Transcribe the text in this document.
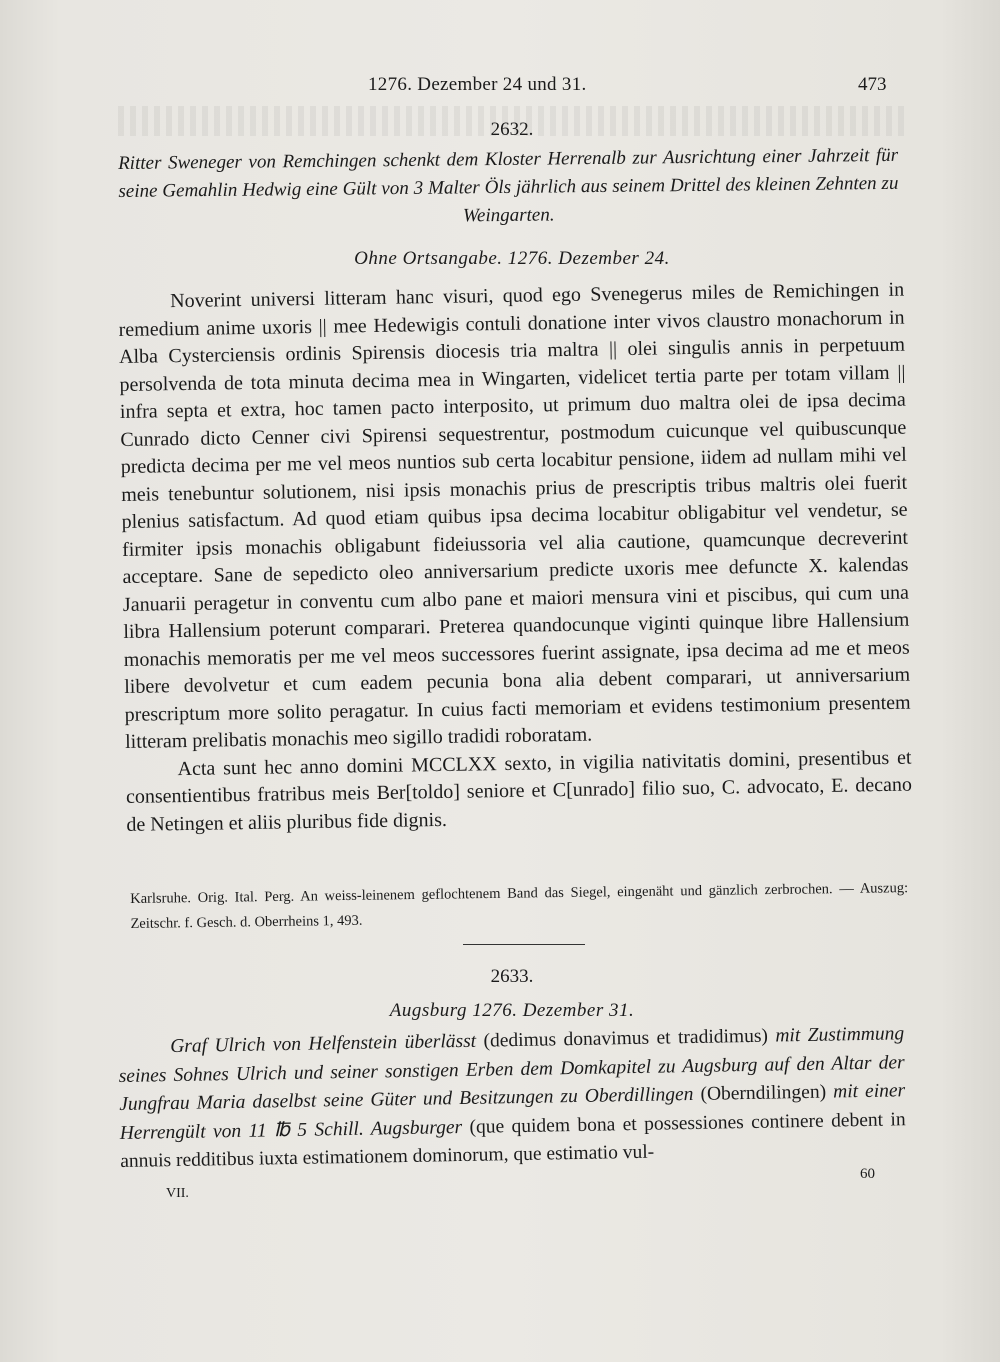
1276. Dezember 24 und 31.	473
2632.
Ritter Sweneger von Remchingen schenkt dem Kloster Herrenalb zur Ausrichtung einer Jahrzeit für seine Gemahlin Hedwig eine Gült von 3 Malter Öls jährlich aus seinem Drittel des kleinen Zehnten zu Weingarten.
Ohne Ortsangabe. 1276. Dezember 24.

Noverint universi litteram hanc visuri, quod ego Svenegerus miles de Remichingen in remedium anime uxoris || mee Hedewigis contuli donatione inter vivos claustro monachorum in Alba Cysterciensis ordinis Spirensis diocesis tria maltra || olei singulis annis in perpetuum persolvenda de tota minuta decima mea in Wingarten, videlicet tertia parte per totam villam || infra septa et extra, hoc tamen pacto interposito, ut primum duo maltra olei de ipsa decima Cunrado dicto Cenner civi Spirensi sequestrentur, postmodum cuicunque vel quibuscunque predicta decima per me vel meos nuntios sub certa locabitur pensione, iidem ad nullam mihi vel meis tenebuntur solutionem, nisi ipsis monachis prius de prescriptis tribus maltris olei fuerit plenius satisfactum. Ad quod etiam quibus ipsa decima locabitur obligabitur vel vendetur, se firmiter ipsis monachis obligabunt fideiussoria vel alia cautione, quamcunque decreverint acceptare. Sane de sepedicto oleo anniversarium predicte uxoris mee defuncte X. kalendas Januarii peragetur in conventu cum albo pane et maiori mensura vini et piscibus, qui cum una libra Hallensium poterunt comparari. Preterea quandocunque viginti quinque libre Hallensium monachis memoratis per me vel meos successores fuerint assignate, ipsa decima ad me et meos libere devolvetur et cum eadem pecunia bona alia debent comparari, ut anniversarium prescriptum more solito peragatur. In cuius facti memoriam et evidens testimonium presentem litteram prelibatis monachis meo sigillo tradidi roboratam.

Acta sunt hec anno domini MCCLXX sexto, in vigilia nativitatis domini, presentibus et consentientibus fratribus meis Ber[toldo] seniore et C[unrado] filio suo, C. advocato, E. decano de Netingen et aliis pluribus fide dignis.

Karlsruhe. Orig. Ital. Perg. An weiss-leinenem geflochtenem Band das Siegel, eingenäht und gänzlich zerbrochen. — Auszug: Zeitschr. f. Gesch. d. Oberrheins 1, 493.

2633.
Augsburg 1276. Dezember 31.

Graf Ulrich von Helfenstein überlässt (dedimus donavimus et tradidimus) mit Zustimmung seines Sohnes Ulrich und seiner sonstigen Erben dem Domkapitel zu Augsburg auf den Altar der Jungfrau Maria daselbst seine Güter und Besitzungen zu Oberdillingen (Oberndilingen) mit einer Herrengült von 11 ℔ 5 Schill. Augsburger (que quidem bona et possessiones continere debent in annuis redditibus iuxta estimationem dominorum, que estimatio vul-

60
VII.
